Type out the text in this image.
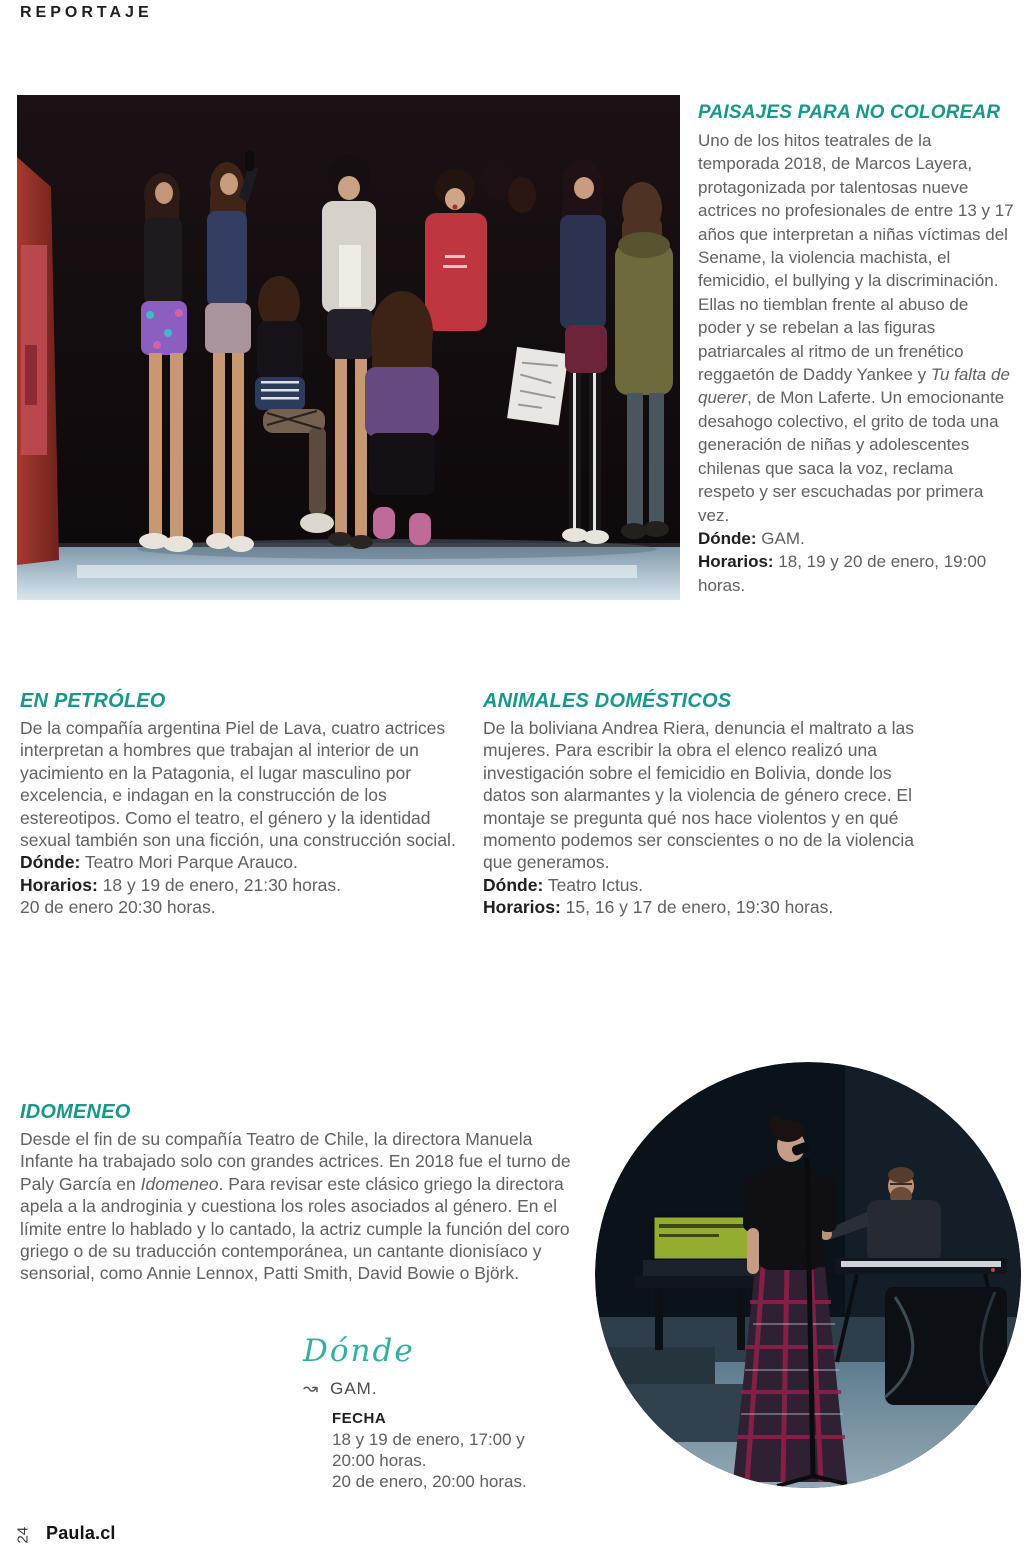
REPORTAJE
PAISAJES PARA NO COLOREAR

Uno de los hitos teatrales de la temporada 2018, de Marcos Layera, protagonizada por talentosas nueve actrices no profesionales de entre 13 y 17 años que interpretan a niñas víctimas del Sename, la violencia machista, el femicidio, el bullying y la discriminación. Ellas no tiemblan frente al abuso de poder y se rebelan a las figuras patriarcales al ritmo de un frenético reggaetón de Daddy Yankee y Tu falta de querer, de Mon Laferte. Un emocionante desahogo colectivo, el grito de toda una generación de niñas y adolescentes chilenas que saca la voz, reclama respeto y ser escuchadas por primera vez.

Dónde: GAM.

Horarios: 18, 19 y 20 de enero, 19:00 horas.

EN PETRÓLEO

De la compañía argentina Piel de Lava, cuatro actrices interpretan a hombres que trabajan al interior de un yacimiento en la Patagonia, el lugar masculino por excelencia, e indagan en la construcción de los estereotipos. Como el teatro, el género y la identidad sexual también son una ficción, una construcción social.

Dónde: Teatro Mori Parque Arauco.

Horarios: 18 y 19 de enero, 21:30 horas.

20 de enero 20:30 horas.

ANIMALES DOMÉSTICOS

De la boliviana Andrea Riera, denuncia el maltrato a las mujeres. Para escribir la obra el elenco realizó una investigación sobre el femicidio en Bolivia, donde los datos son alarmantes y la violencia de género crece. El montaje se pregunta qué nos hace violentos y en qué momento podemos ser conscientes o no de la violencia que generamos.

Dónde: Teatro Ictus.

Horarios: 15, 16 y 17 de enero, 19:30 horas.

IDOMENEO

Desde el fin de su compañía Teatro de Chile, la directora Manuela Infante ha trabajado solo con grandes actrices. En 2018 fue el turno de Paly García en Idomeneo. Para revisar este clásico griego la directora apela a la androginia y cuestiona los roles asociados al género. En el límite entre lo hablado y lo cantado, la actriz cumple la función del coro griego o de su traducción contemporánea, un cantante dionisíaco y sensorial, como Annie Lennox, Patti Smith, David Bowie o Björk.

Dónde
↝ GAM.

FECHA

18 y 19 de enero, 17:00 y 20:00 horas.

20 de enero, 20:00 horas.

24 Paula.cl
